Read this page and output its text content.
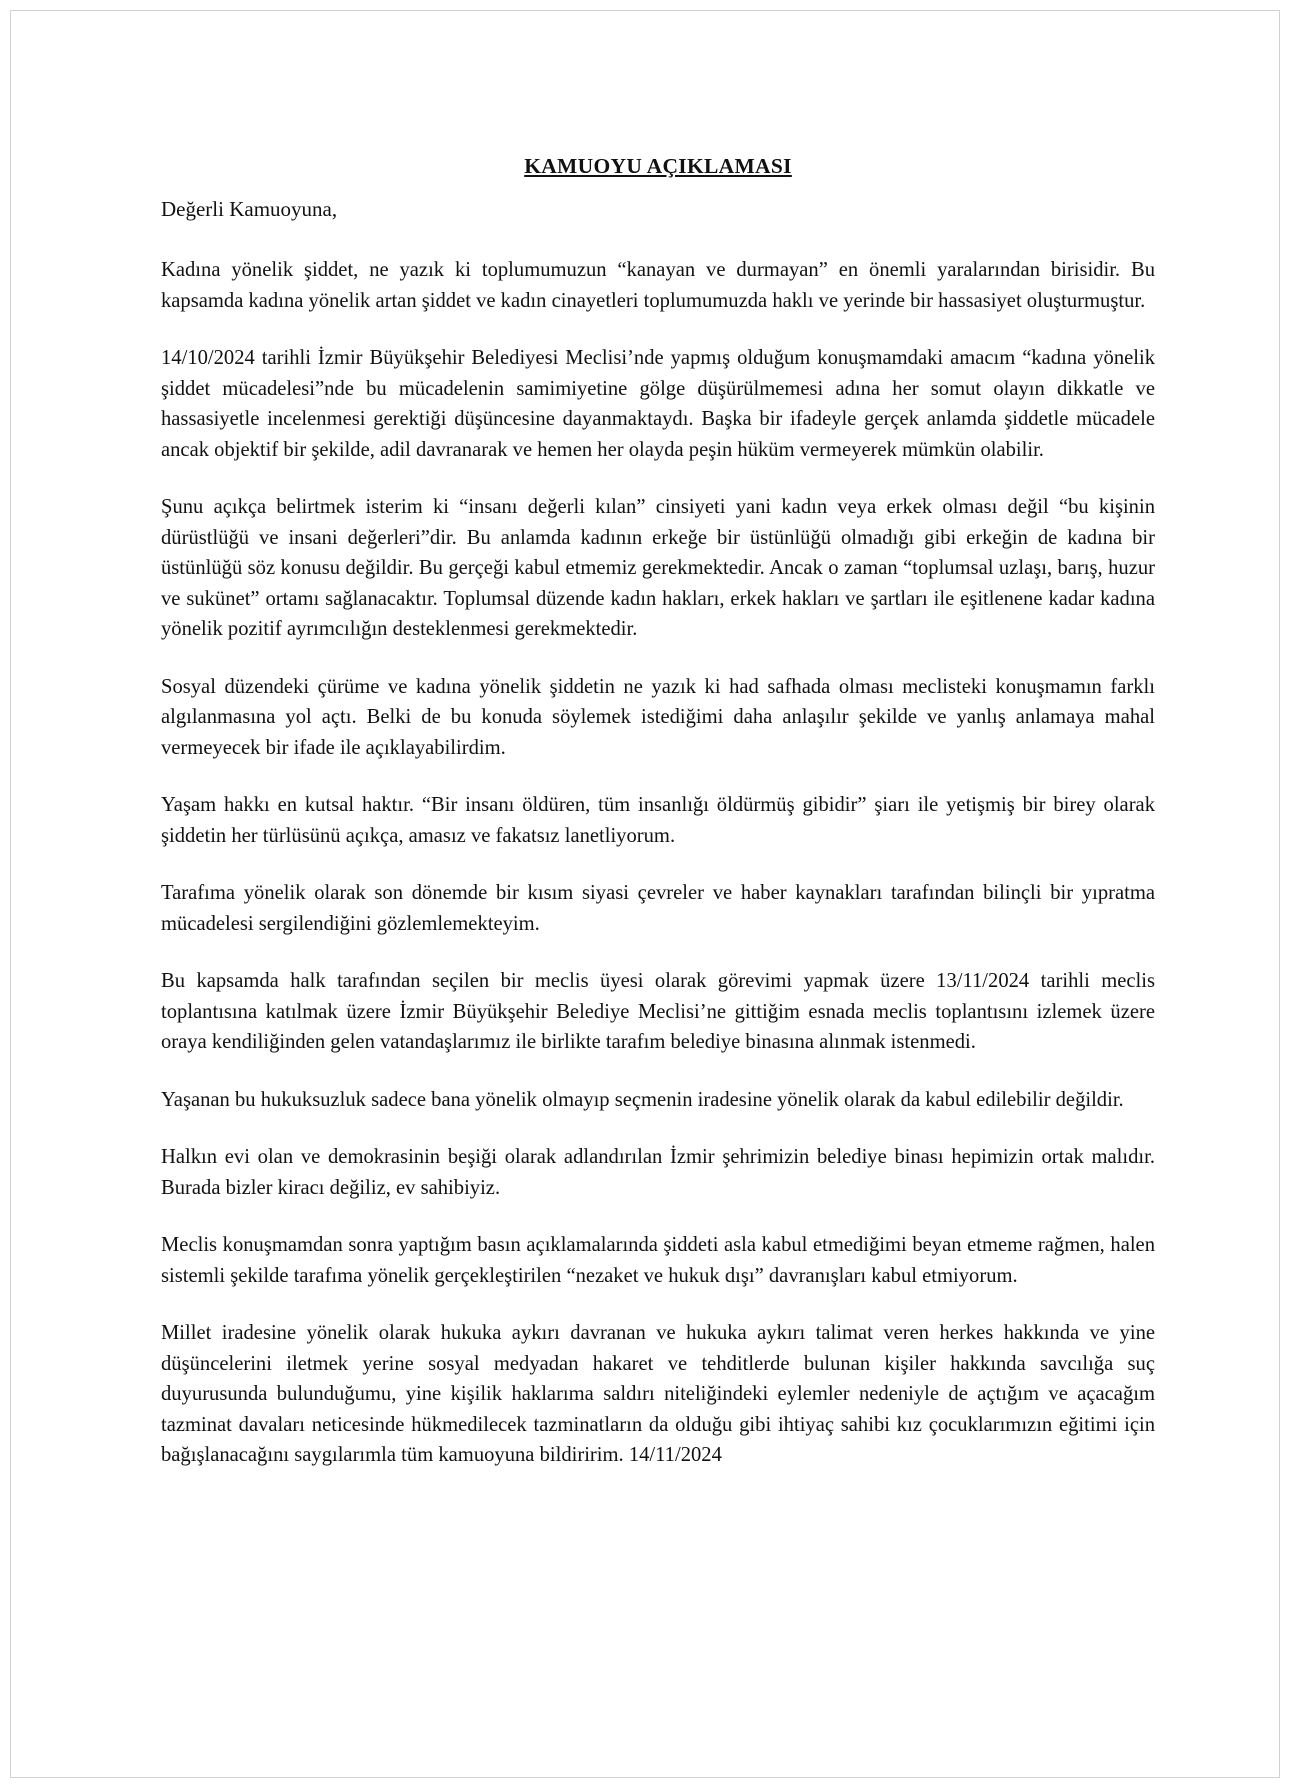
KAMUOYU AÇIKLAMASI
Değerli Kamuoyuna,

Kadına yönelik şiddet, ne yazık ki toplumumuzun “kanayan ve durmayan” en önemli yaralarından birisidir. Bu kapsamda kadına yönelik artan şiddet ve kadın cinayetleri toplumumuzda haklı ve yerinde bir hassasiyet oluşturmuştur.

14/10/2024 tarihli İzmir Büyükşehir Belediyesi Meclisi’nde yapmış olduğum konuşmamdaki amacım “kadına yönelik şiddet mücadelesi”nde bu mücadelenin samimiyetine gölge düşürülmemesi adına her somut olayın dikkatle ve hassasiyetle incelenmesi gerektiği düşüncesine dayanmaktaydı. Başka bir ifadeyle gerçek anlamda şiddetle mücadele ancak objektif bir şekilde, adil davranarak ve hemen her olayda peşin hüküm vermeyerek mümkün olabilir.

Şunu açıkça belirtmek isterim ki “insanı değerli kılan” cinsiyeti yani kadın veya erkek olması değil “bu kişinin dürüstlüğü ve insani değerleri”dir. Bu anlamda kadının erkeğe bir üstünlüğü olmadığı gibi erkeğin de kadına bir üstünlüğü söz konusu değildir. Bu gerçeği kabul etmemiz gerekmektedir. Ancak o zaman “toplumsal uzlaşı, barış, huzur ve sukünet” ortamı sağlanacaktır. Toplumsal düzende kadın hakları, erkek hakları ve şartları ile eşitlenene kadar kadına yönelik pozitif ayrımcılığın desteklenmesi gerekmektedir.

Sosyal düzendeki çürüme ve kadına yönelik şiddetin ne yazık ki had safhada olması meclisteki konuşmamın farklı algılanmasına yol açtı. Belki de bu konuda söylemek istediğimi daha anlaşılır şekilde ve yanlış anlamaya mahal vermeyecek bir ifade ile açıklayabilirdim.

Yaşam hakkı en kutsal haktır. “Bir insanı öldüren, tüm insanlığı öldürmüş gibidir” şiarı ile yetişmiş bir birey olarak şiddetin her türlüsünü açıkça, amasız ve fakatsız lanetliyorum.

Tarafıma yönelik olarak son dönemde bir kısım siyasi çevreler ve haber kaynakları tarafından bilinçli bir yıpratma mücadelesi sergilendiğini gözlemlemekteyim.

Bu kapsamda halk tarafından seçilen bir meclis üyesi olarak görevimi yapmak üzere 13/11/2024 tarihli meclis toplantısına katılmak üzere İzmir Büyükşehir Belediye Meclisi’ne gittiğim esnada meclis toplantısını izlemek üzere oraya kendiliğinden gelen vatandaşlarımız ile birlikte tarafım belediye binasına alınmak istenmedi.

Yaşanan bu hukuksuzluk sadece bana yönelik olmayıp seçmenin iradesine yönelik olarak da kabul edilebilir değildir.

Halkın evi olan ve demokrasinin beşiği olarak adlandırılan İzmir şehrimizin belediye binası hepimizin ortak malıdır. Burada bizler kiracı değiliz, ev sahibiyiz.

Meclis konuşmamdan sonra yaptığım basın açıklamalarında şiddeti asla kabul etmediğimi beyan etmeme rağmen, halen sistemli şekilde tarafıma yönelik gerçekleştirilen “nezaket ve hukuk dışı” davranışları kabul etmiyorum.

Millet iradesine yönelik olarak hukuka aykırı davranan ve hukuka aykırı talimat veren herkes hakkında ve yine düşüncelerini iletmek yerine sosyal medyadan hakaret ve tehditlerde bulunan kişiler hakkında savcılığa suç duyurusunda bulunduğumu, yine kişilik haklarıma saldırı niteliğindeki eylemler nedeniyle de açtığım ve açacağım tazminat davaları neticesinde hükmedilecek tazminatların da olduğu gibi ihtiyaç sahibi kız çocuklarımızın eğitimi için bağışlanacağını saygılarımla tüm kamuoyuna bildiririm. 14/11/2024
